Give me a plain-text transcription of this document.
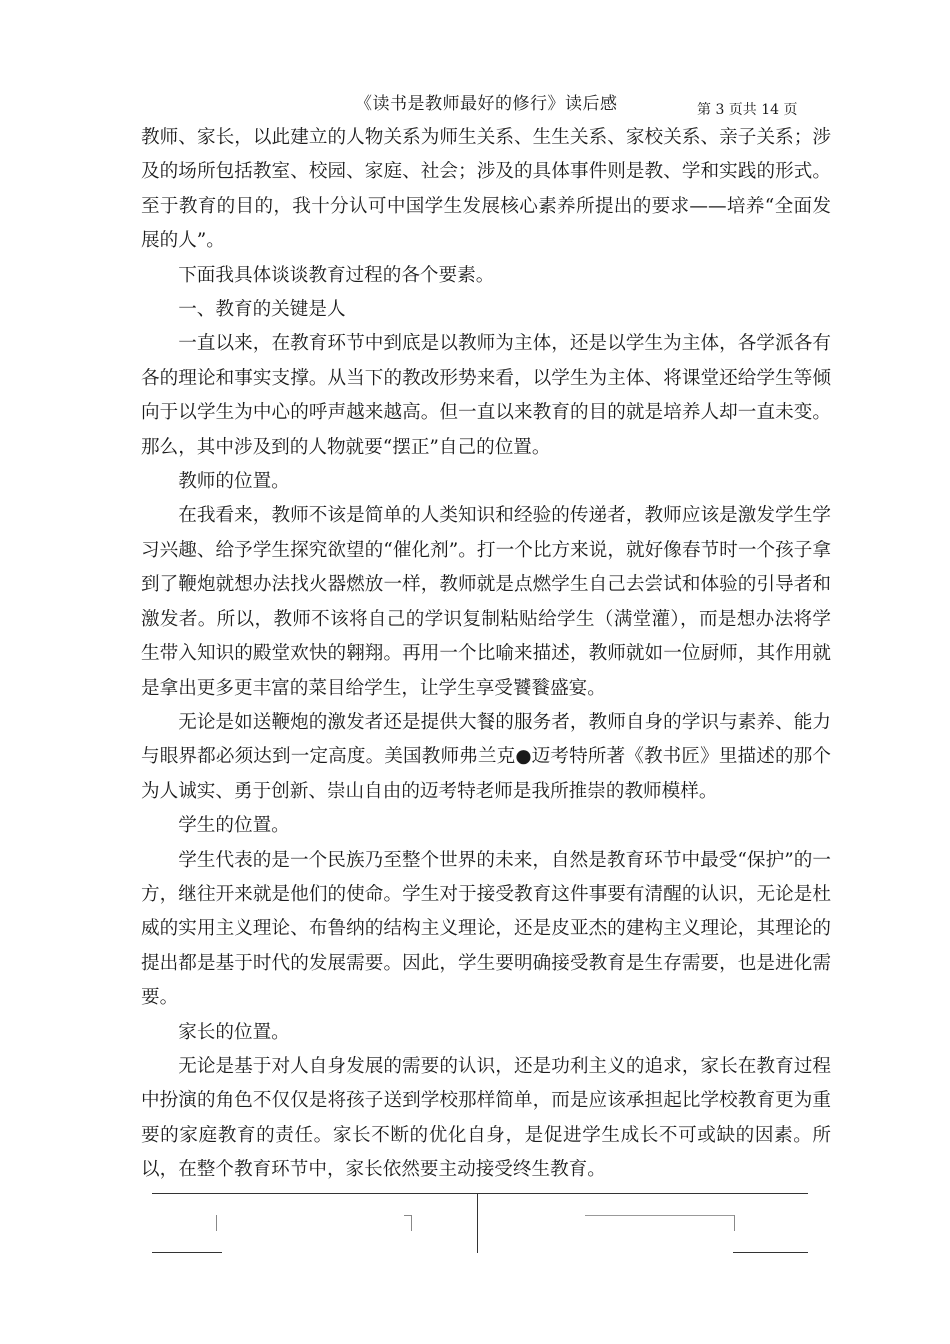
《读书是教师最好的修行》读后感	第 3 页共 14 页

教师、家长，以此建立的人物关系为师生关系、生生关系、家校关系、亲子关系；涉及的场所包括教室、校园、家庭、社会；涉及的具体事件则是教、学和实践的形式。至于教育的目的，我十分认可中国学生发展核心素养所提出的要求——培养“全面发展的人”。

下面我具体谈谈教育过程的各个要素。

一、教育的关键是人

一直以来，在教育环节中到底是以教师为主体，还是以学生为主体，各学派各有各的理论和事实支撑。从当下的教改形势来看，以学生为主体、将课堂还给学生等倾向于以学生为中心的呼声越来越高。但一直以来教育的目的就是培养人却一直未变。那么，其中涉及到的人物就要“摆正”自己的位置。

教师的位置。

在我看来，教师不该是简单的人类知识和经验的传递者，教师应该是激发学生学习兴趣、给予学生探究欲望的“催化剂”。打一个比方来说，就好像春节时一个孩子拿到了鞭炮就想办法找火器燃放一样，教师就是点燃学生自己去尝试和体验的引导者和激发者。所以，教师不该将自己的学识复制粘贴给学生（满堂灌），而是想办法将学生带入知识的殿堂欢快的翱翔。再用一个比喻来描述，教师就如一位厨师，其作用就是拿出更多更丰富的菜目给学生，让学生享受饕餮盛宴。

无论是如送鞭炮的激发者还是提供大餐的服务者，教师自身的学识与素养、能力与眼界都必须达到一定高度。美国教师弗兰克●迈考特所著《教书匠》里描述的那个为人诚实、勇于创新、崇山自由的迈考特老师是我所推崇的教师模样。

学生的位置。

学生代表的是一个民族乃至整个世界的未来，自然是教育环节中最受“保护”的一方，继往开来就是他们的使命。学生对于接受教育这件事要有清醒的认识，无论是杜威的实用主义理论、布鲁纳的结构主义理论，还是皮亚杰的建构主义理论，其理论的提出都是基于时代的发展需要。因此，学生要明确接受教育是生存需要，也是进化需要。

家长的位置。

无论是基于对人自身发展的需要的认识，还是功利主义的追求，家长在教育过程中扮演的角色不仅仅是将孩子送到学校那样简单，而是应该承担起比学校教育更为重要的家庭教育的责任。家长不断的优化自身，是促进学生成长不可或缺的因素。所以，在整个教育环节中，家长依然要主动接受终生教育。
